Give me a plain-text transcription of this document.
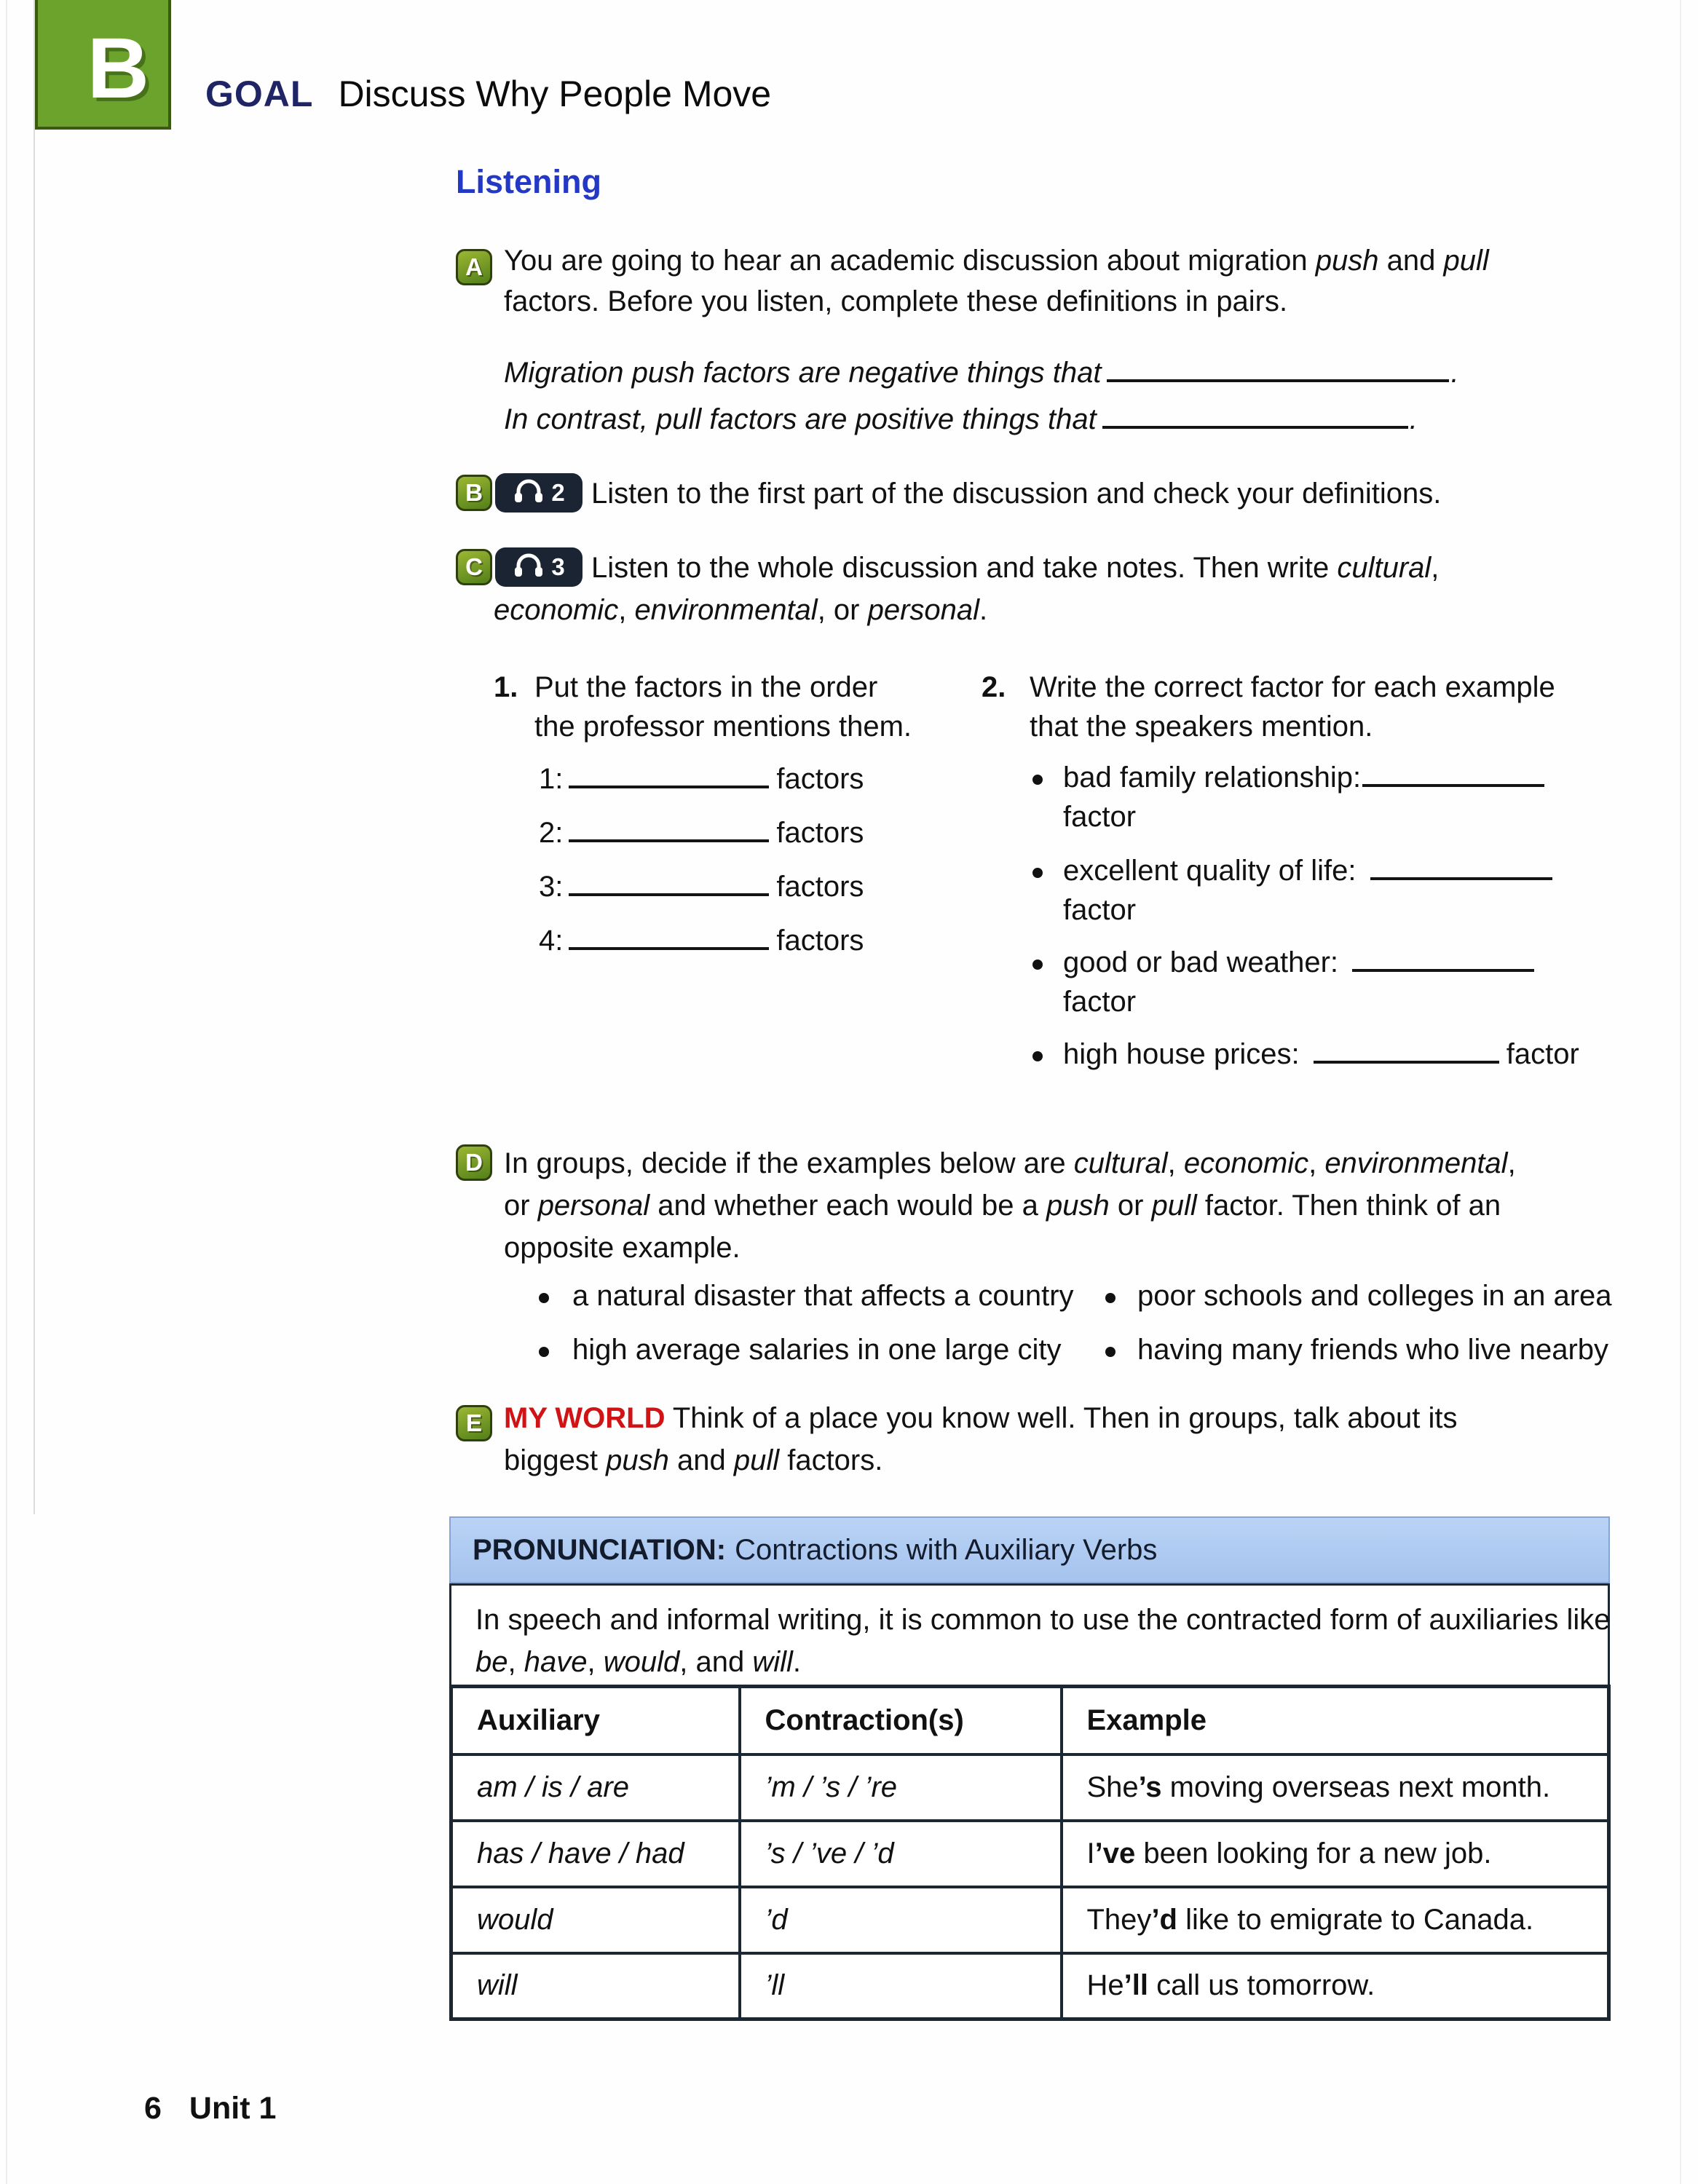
B GOAL Discuss Why People Move
Listening
A You are going to hear an academic discussion about migration push and pull
factors. Before you listen, complete these definitions in pairs.
Migration push factors are negative things that	.
In contrast, pull factors are positive things that	.
B	2 Listen to the first part of the discussion and check your definitions.
C	3 Listen to the whole discussion and take notes. Then write cultural,
economic, environmental, or personal.
1. Put the factors in the order
the professor mentions them.
1:	factors
2:	factors
3:	factors
4:	factors
2. Write the correct factor for each example
that the speakers mention.
bad family relationship:
factor
excellent quality of life:
factor
good or bad weather:
factor
high house prices:	factor
D In groups, decide if the examples below are cultural, economic, environmental,
or personal and whether each would be a push or pull factor. Then think of an
opposite example.
a natural disaster that affects a country
high average salaries in one large city
poor schools and colleges in an area
having many friends who live nearby
E MY WORLD Think of a place you know well. Then in groups, talk about its
biggest push and pull factors.
PRONUNCIATION: Contractions with Auxiliary Verbs
In speech and informal writing, it is common to use the contracted form of auxiliaries like
be, have, would, and will.
Auxiliary	Contraction(s)	Example
am / is / are	’m / ’s / ’re	She’s moving overseas next month.
has / have / had	’s / ’ve / ’d	I’ve been looking for a new job.
would	’d	They’d like to emigrate to Canada.
will	’ll	He’ll call us tomorrow.
6 Unit 1
